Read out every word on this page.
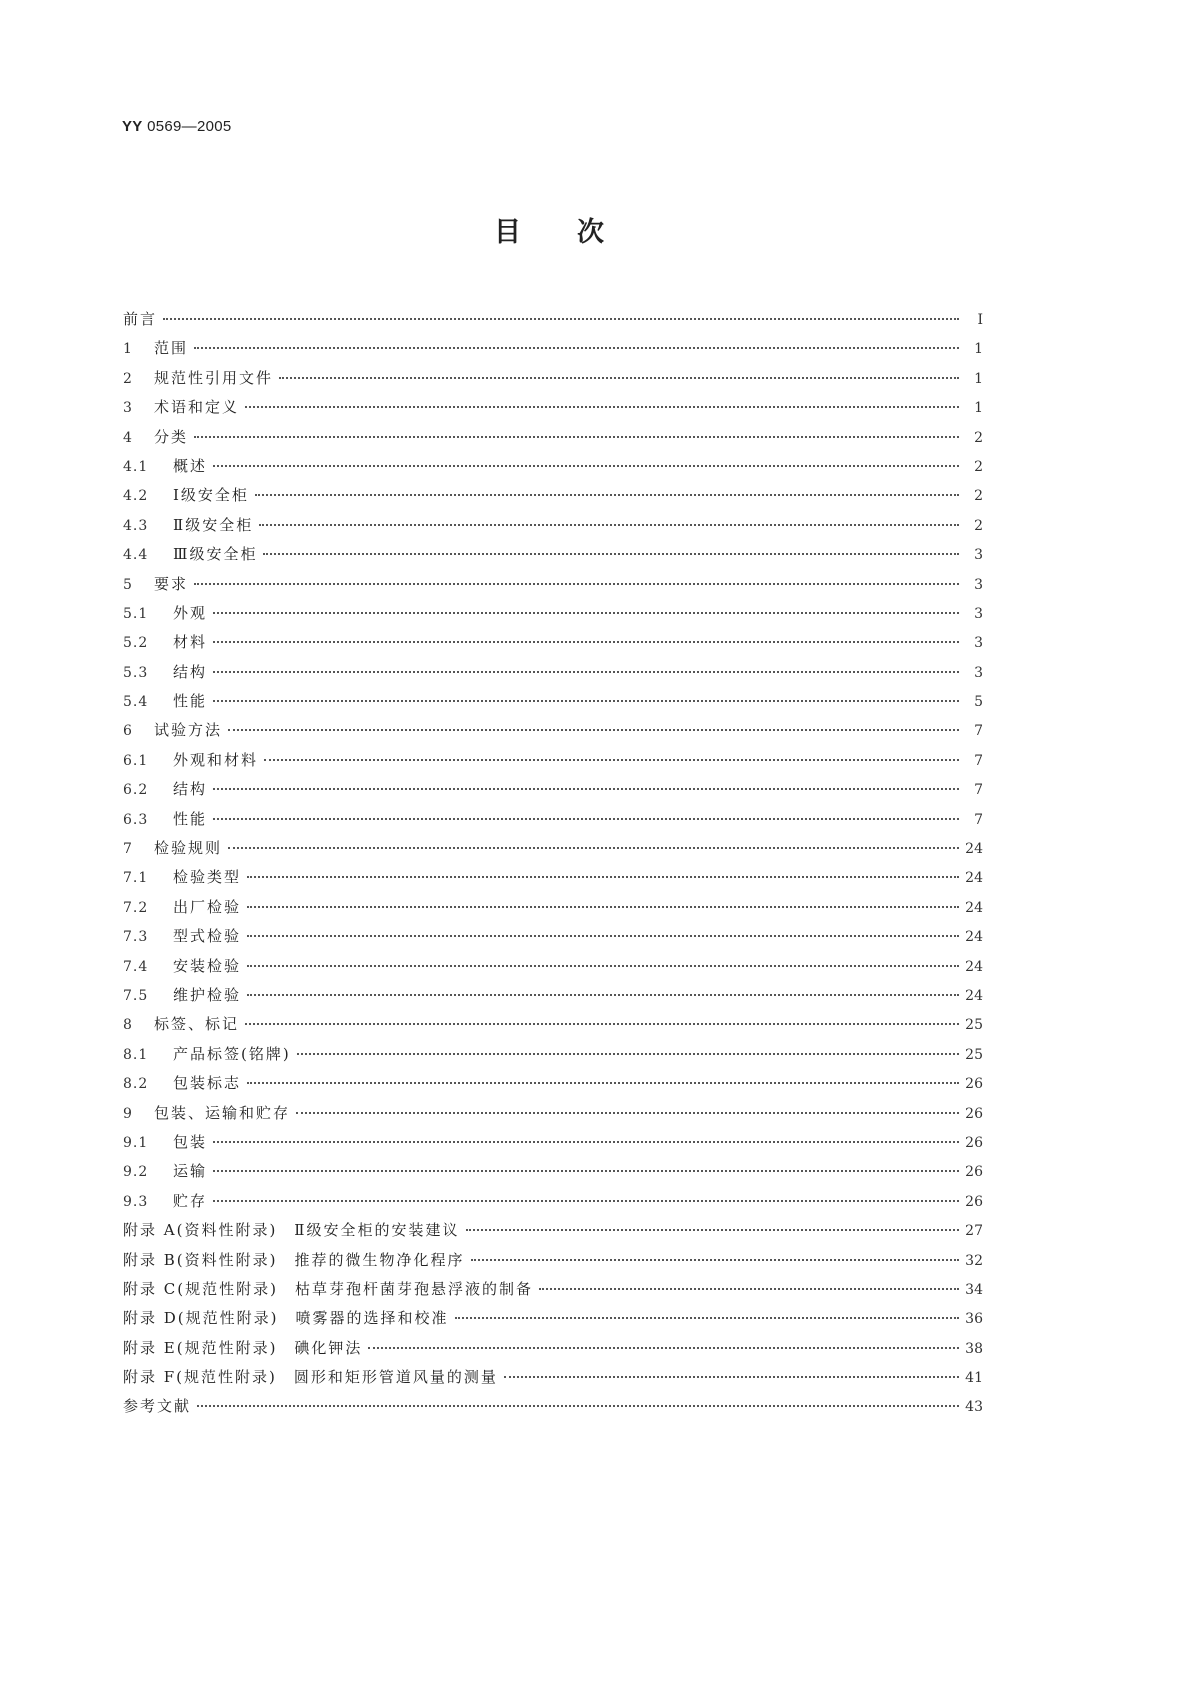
YY 0569—2005
目 次
前言	Ⅰ
1	范围	1
2	规范性引用文件	1
3	术语和定义	1
4	分类	2
4.1	概述	2
4.2	Ⅰ级安全柜	2
4.3	Ⅱ级安全柜	2
4.4	Ⅲ级安全柜	3
5	要求	3
5.1	外观	3
5.2	材料	3
5.3	结构	3
5.4	性能	5
6	试验方法	7
6.1	外观和材料	7
6.2	结构	7
6.3	性能	7
7	检验规则	24
7.1	检验类型	24
7.2	出厂检验	24
7.3	型式检验	24
7.4	安装检验	24
7.5	维护检验	24
8	标签、标记	25
8.1	产品标签(铭牌)	25
8.2	包装标志	26
9	包装、运输和贮存	26
9.1	包装	26
9.2	运输	26
9.3	贮存	26
附录 A(资料性附录)　Ⅱ级安全柜的安装建议	27
附录 B(资料性附录)　推荐的微生物净化程序	32
附录 C(规范性附录)　枯草芽孢杆菌芽孢悬浮液的制备	34
附录 D(规范性附录)　喷雾器的选择和校准	36
附录 E(规范性附录)　碘化钾法	38
附录 F(规范性附录)　圆形和矩形管道风量的测量	41
参考文献	43
